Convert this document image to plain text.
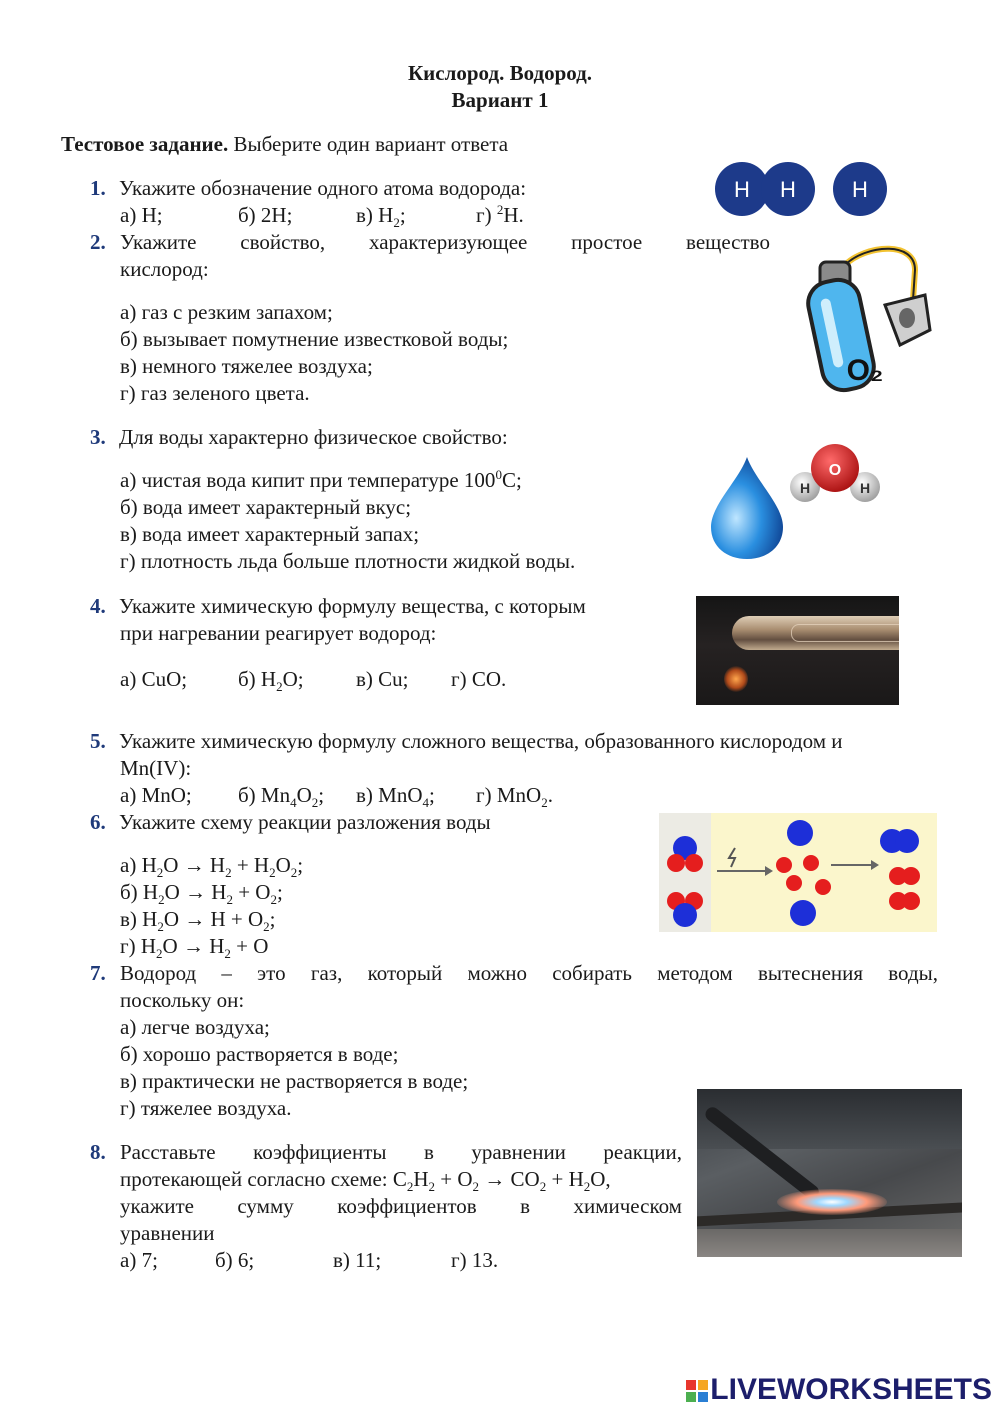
Кислород. Водород.
Вариант 1
Тестовое задание. Выберите один вариант ответа
1. Укажите обозначение одного атома водорода:
а) H;	б) 2H;	в) $H_2$;	г) $^2$H.
H H	H
2. Укажите свойство, характеризующее простое вещество
кислород:
а) газ с резким запахом;
б) вызывает помутнение известковой воды;
в) немного тяжелее воздуха;
г) газ зеленого цвета.
O₂
3. Для воды характерно физическое свойство:
а) чистая вода кипит при температуре $100^0С$;
б) вода имеет характерный вкус;
в) вода имеет характерный запах;
г) плотность льда больше плотности жидкой воды.
H
O
H
4. Укажите химическую формулу вещества, с которым
при нагревании реагирует водород:
а) CuO; б) $H_2O$; в) Cu; г) CO.
5. Укажите химическую формулу сложного вещества, образованного кислородом и
Mn(IV):
а) MnO; б) $Mn_4O_2$; в) MnO$_4$; г) MnO$_2$.
6. Укажите схему реакции разложения воды
а) $H_2O \to H_2 + H_2O_2$;
б) $H_2O \to H_2 + O_2$;
в) $H_2O \to H + O_2$;
г) $H_2O \to H_2 + O$
7. Водород – это газ, который можно собирать методом вытеснения воды,
поскольку он:
а) легче воздуха;
б) хорошо растворяется в воде;
в) практически не растворяется в воде;
г) тяжелее воздуха.
8. Расставьте коэффициенты в уравнении реакции,
протекающей согласно схеме: $C_2H_2 + O_2 \to CO_2 + H_2O$,
укажите сумму коэффициентов в химическом
уравнении
а) 7;	б) 6;	в) 11;	г) 13.
LIVEWORKSHEETS
